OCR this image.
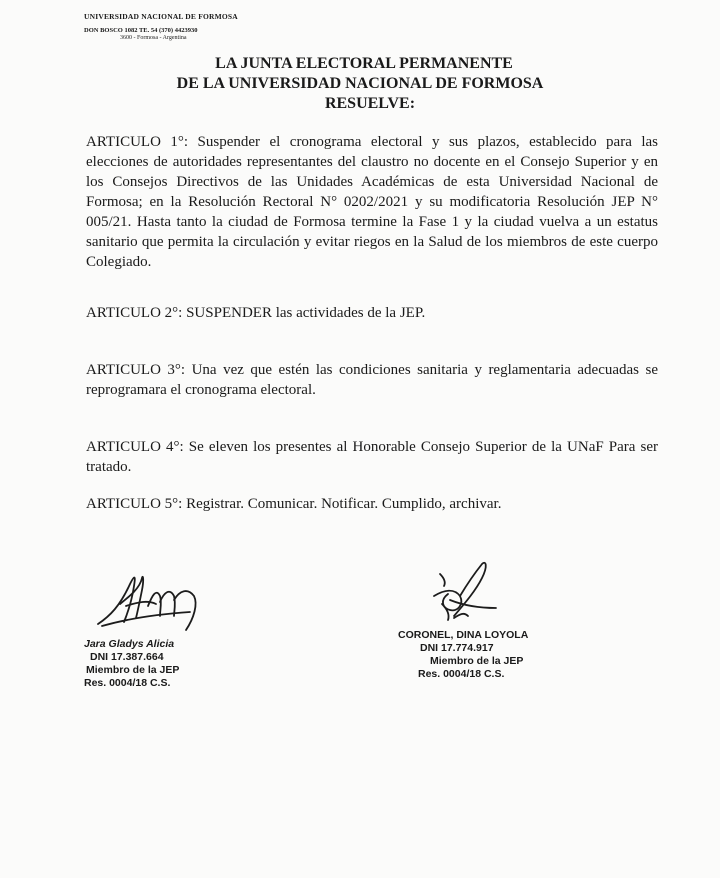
UNIVERSIDAD NACIONAL DE FORMOSA
DON BOSCO 1082 TE. 54 (370) 4423930
3600 - Formosa - Argentina
LA JUNTA ELECTORAL PERMANENTE
DE LA UNIVERSIDAD NACIONAL DE FORMOSA
RESUELVE:
ARTICULO 1°: Suspender el cronograma electoral y sus plazos, establecido para las elecciones de autoridades representantes del claustro no docente en el Consejo Superior y en los Consejos Directivos de las Unidades Académicas de esta Universidad Nacional de Formosa; en la Resolución Rectoral N° 0202/2021 y su modificatoria Resolución JEP N° 005/21. Hasta tanto la ciudad de Formosa termine la Fase 1 y la ciudad vuelva a un estatus sanitario que permita la circulación y evitar riegos en la Salud de los miembros de este cuerpo Colegiado.
ARTICULO 2°: SUSPENDER las actividades de la JEP.
ARTICULO 3°: Una vez que estén las condiciones sanitaria y reglamentaria adecuadas se reprogramara el cronograma electoral.
ARTICULO 4°: Se eleven los presentes al Honorable Consejo Superior de la UNaF Para ser tratado.
ARTICULO 5°: Registrar. Comunicar. Notificar. Cumplido, archivar.
Jara Gladys Alicia
DNI 17.387.664
Miembro de la JEP
Res. 0004/18 C.S.
CORONEL, DINA LOYOLA
DNI 17.774.917
Miembro de la JEP
Res. 0004/18 C.S.
